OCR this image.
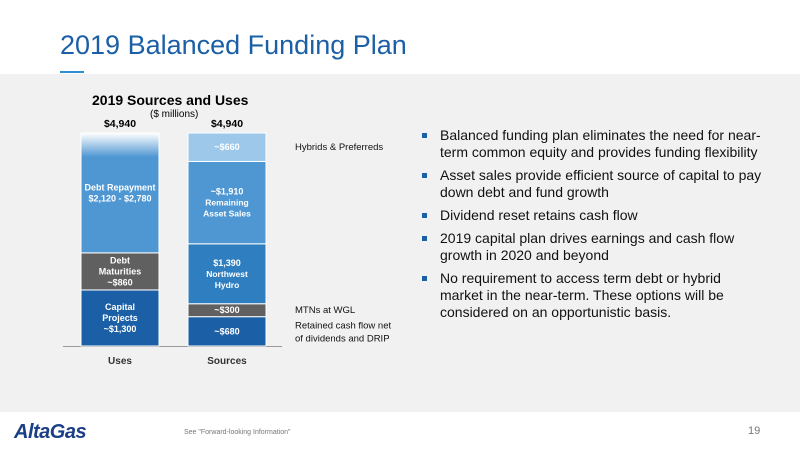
2019 Balanced Funding Plan
2019 Sources and Uses
($ millions)
Capital
Projects
~$1,300
Debt
Maturities
~$860
Debt Repayment
$2,120 - $2,780
$4,940
Uses
~$680	Retained cash flow net
of dividends and DRIP
~$300	MTNs at WGL
$1,390
Northwest
Hydro
~$1,910
Remaining
Asset Sales
~$660	Hybrids & Preferreds
$4,940
Sources
Balanced funding plan eliminates the need for near-term common equity and provides funding flexibility
Asset sales provide efficient source of capital to pay down debt and fund growth
Dividend reset retains cash flow
2019 capital plan drives earnings and cash flow growth in 2020 and beyond
No requirement to access term debt or hybrid market in the near-term. These options will be considered on an opportunistic basis.
AltaGas	See "Forward-looking Information"	19
